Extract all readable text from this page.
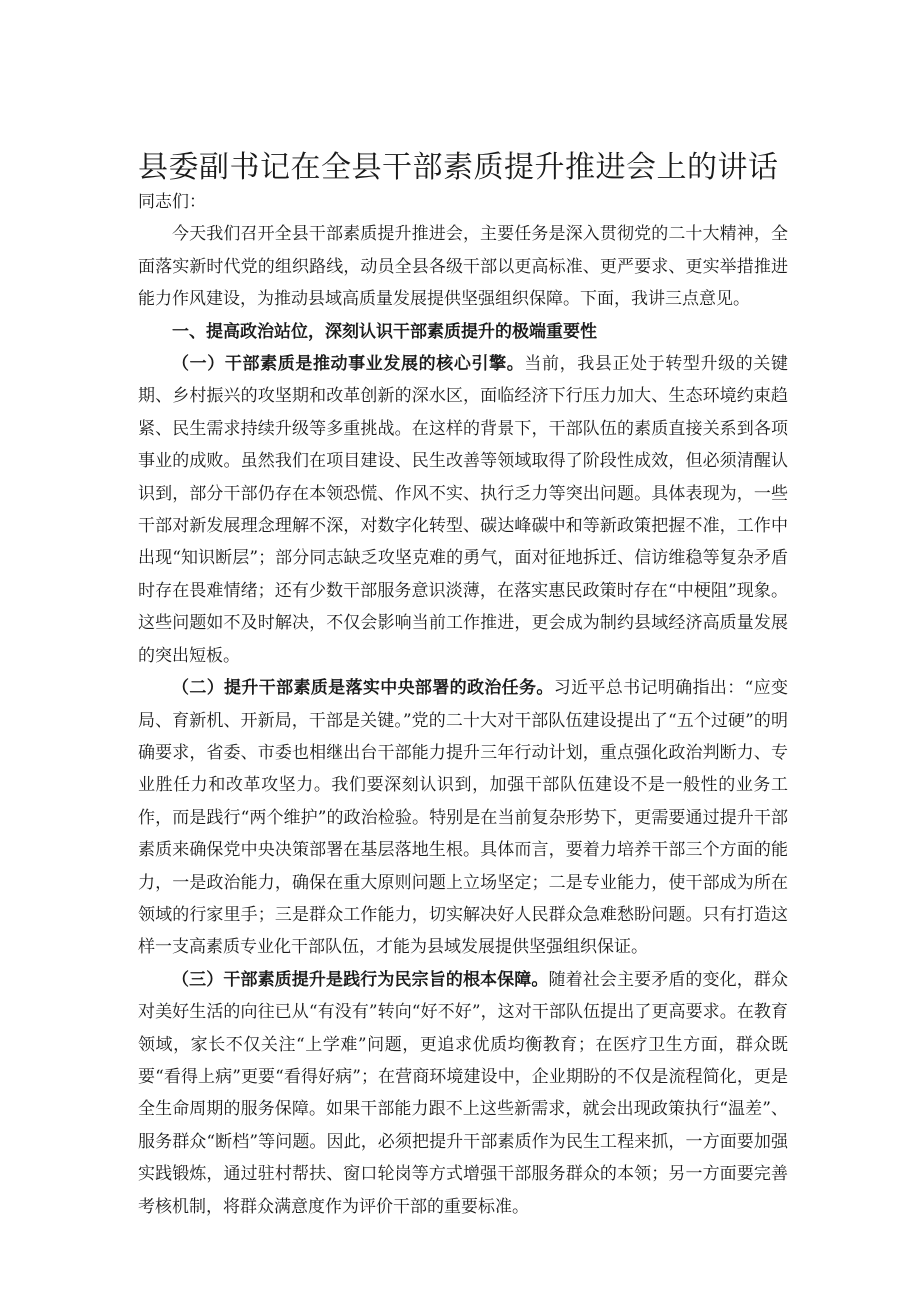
县委副书记在全县干部素质提升推进会上的讲话

同志们：

今天我们召开全县干部素质提升推进会，主要任务是深入贯彻党的二十大精神，全面落实新时代党的组织路线，动员全县各级干部以更高标准、更严要求、更实举措推进能力作风建设，为推动县域高质量发展提供坚强组织保障。下面，我讲三点意见。

一、提高政治站位，深刻认识干部素质提升的极端重要性

（一）干部素质是推动事业发展的核心引擎。当前，我县正处于转型升级的关键期、乡村振兴的攻坚期和改革创新的深水区，面临经济下行压力加大、生态环境约束趋紧、民生需求持续升级等多重挑战。在这样的背景下，干部队伍的素质直接关系到各项事业的成败。虽然我们在项目建设、民生改善等领域取得了阶段性成效，但必须清醒认识到，部分干部仍存在本领恐慌、作风不实、执行乏力等突出问题。具体表现为，一些干部对新发展理念理解不深，对数字化转型、碳达峰碳中和等新政策把握不准，工作中出现“知识断层”；部分同志缺乏攻坚克难的勇气，面对征地拆迁、信访维稳等复杂矛盾时存在畏难情绪；还有少数干部服务意识淡薄，在落实惠民政策时存在“中梗阻”现象。这些问题如不及时解决，不仅会影响当前工作推进，更会成为制约县域经济高质量发展的突出短板。

（二）提升干部素质是落实中央部署的政治任务。习近平总书记明确指出：“应变局、育新机、开新局，干部是关键。”党的二十大对干部队伍建设提出了“五个过硬”的明确要求，省委、市委也相继出台干部能力提升三年行动计划，重点强化政治判断力、专业胜任力和改革攻坚力。我们要深刻认识到，加强干部队伍建设不是一般性的业务工作，而是践行“两个维护”的政治检验。特别是在当前复杂形势下，更需要通过提升干部素质来确保党中央决策部署在基层落地生根。具体而言，要着力培养干部三个方面的能力，一是政治能力，确保在重大原则问题上立场坚定；二是专业能力，使干部成为所在领域的行家里手；三是群众工作能力，切实解决好人民群众急难愁盼问题。只有打造这样一支高素质专业化干部队伍，才能为县域发展提供坚强组织保证。

（三）干部素质提升是践行为民宗旨的根本保障。随着社会主要矛盾的变化，群众对美好生活的向往已从“有没有”转向“好不好”，这对干部队伍提出了更高要求。在教育领域，家长不仅关注“上学难”问题，更追求优质均衡教育；在医疗卫生方面，群众既要“看得上病”更要“看得好病”；在营商环境建设中，企业期盼的不仅是流程简化，更是全生命周期的服务保障。如果干部能力跟不上这些新需求，就会出现政策执行“温差”、服务群众“断档”等问题。因此，必须把提升干部素质作为民生工程来抓，一方面要加强实践锻炼，通过驻村帮扶、窗口轮岗等方式增强干部服务群众的本领；另一方面要完善考核机制，将群众满意度作为评价干部的重要标准。
